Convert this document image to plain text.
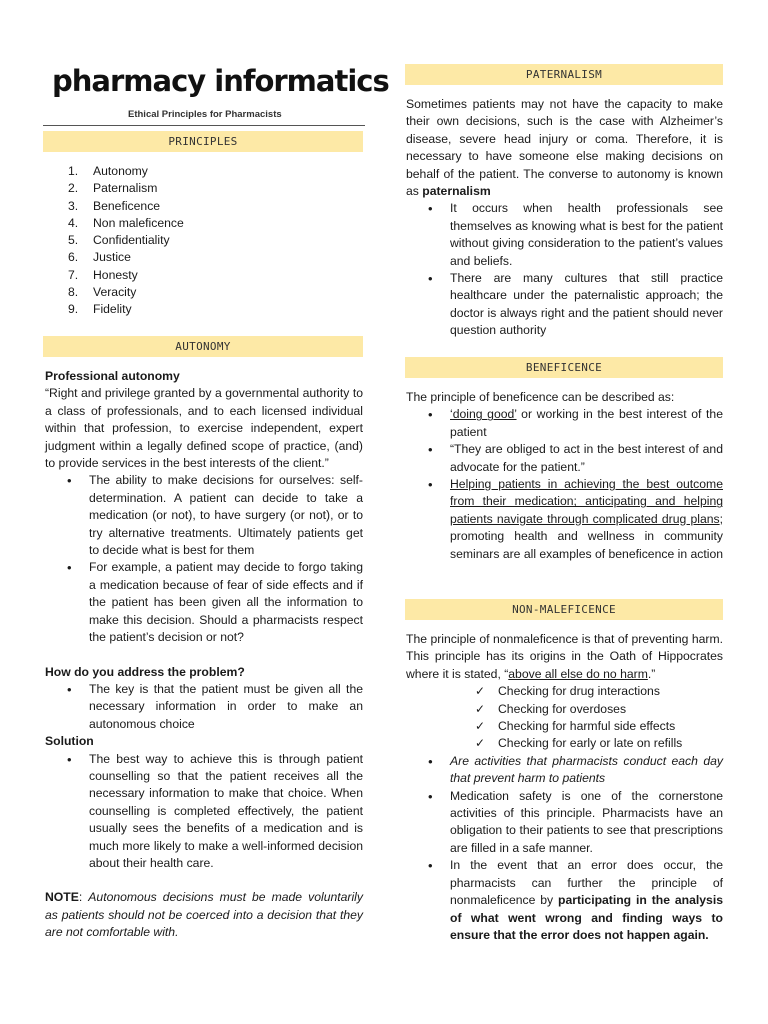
pharmacy informatics
Ethical Principles for Pharmacists
PRINCIPLES
1.	Autonomy
2.	Paternalism
3.	Beneficence
4.	Non maleficence
5.	Confidentiality
6.	Justice
7.	Honesty
8.	Veracity
9.	Fidelity
AUTONOMY
Professional autonomy
“Right and privilege granted by a governmental authority to a class of professionals, and to each licensed individual within that profession, to exercise independent, expert judgment within a legally defined scope of practice, (and) to provide services in the best interests of the client.”
• The ability to make decisions for ourselves: self-determination. A patient can decide to take a medication (or not), to have surgery (or not), or to try alternative treatments. Ultimately patients get to decide what is best for them
• For example, a patient may decide to forgo taking a medication because of fear of side effects and if the patient has been given all the information to make this decision. Should a pharmacists respect the patient’s decision or not?
How do you address the problem?
• The key is that the patient must be given all the necessary information in order to make an autonomous choice
Solution
• The best way to achieve this is through patient counselling so that the patient receives all the necessary information to make that choice. When counselling is completed effectively, the patient usually sees the benefits of a medication and is much more likely to make a well-informed decision about their health care.
NOTE: Autonomous decisions must be made voluntarily as patients should not be coerced into a decision that they are not comfortable with.
PATERNALISM
Sometimes patients may not have the capacity to make their own decisions, such is the case with Alzheimer’s disease, severe head injury or coma. Therefore, it is necessary to have someone else making decisions on behalf of the patient. The converse to autonomy is known as paternalism
• It occurs when health professionals see themselves as knowing what is best for the patient without giving consideration to the patient’s values and beliefs.
• There are many cultures that still practice healthcare under the paternalistic approach; the doctor is always right and the patient should never question authority
BENEFICENCE
The principle of beneficence can be described as:
• ‘doing good’ or working in the best interest of the patient
• “They are obliged to act in the best interest of and advocate for the patient.”
• Helping patients in achieving the best outcome from their medication; anticipating and helping patients navigate through complicated drug plans; promoting health and wellness in community seminars are all examples of beneficence in action
NON-MALEFICENCE
The principle of nonmaleficence is that of preventing harm. This principle has its origins in the Oath of Hippocrates where it is stated, “above all else do no harm.”
✓ Checking for drug interactions
✓ Checking for overdoses
✓ Checking for harmful side effects
✓ Checking for early or late on refills
• Are activities that pharmacists conduct each day that prevent harm to patients
• Medication safety is one of the cornerstone activities of this principle. Pharmacists have an obligation to their patients to see that prescriptions are filled in a safe manner.
• In the event that an error does occur, the pharmacists can further the principle of nonmaleficence by participating in the analysis of what went wrong and finding ways to ensure that the error does not happen again.
